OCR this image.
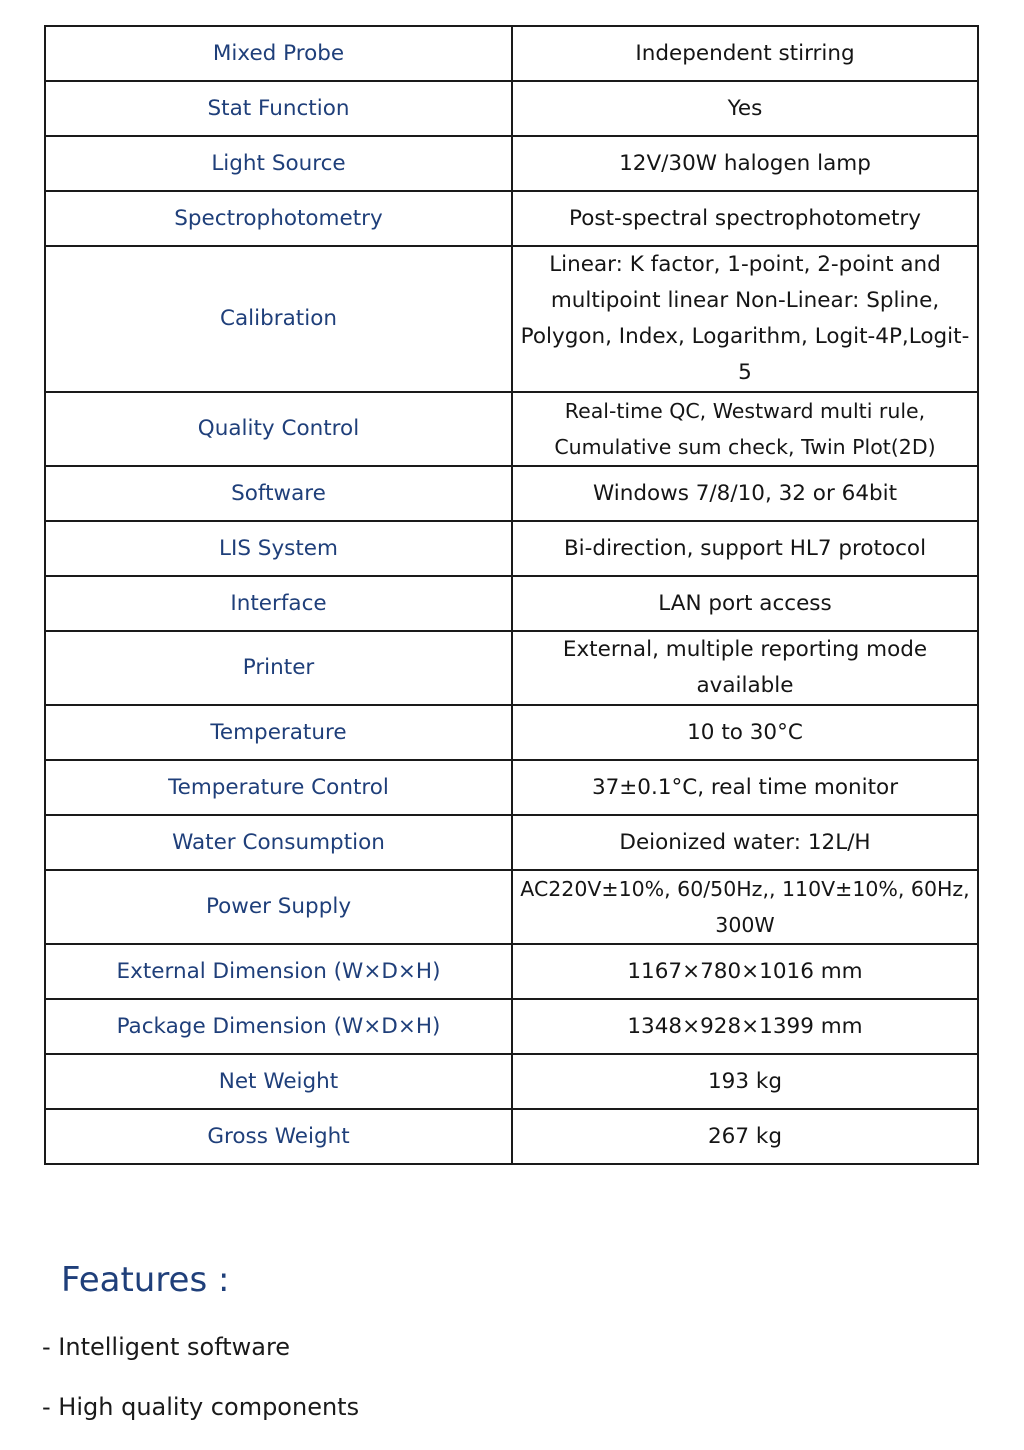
Mixed Probe	Independent stirring
Stat Function	Yes
Light Source	12V/30W halogen lamp
Spectrophotometry	Post-spectral spectrophotometry
Calibration	Linear: K factor, 1-point, 2-point and multipoint linear Non-Linear: Spline, Polygon, Index, Logarithm, Logit-4P,Logit-5
Quality Control	Real-time QC, Westward multi rule, Cumulative sum check, Twin Plot(2D)
Software	Windows 7/8/10, 32 or 64bit
LIS System	Bi-direction, support HL7 protocol
Interface	LAN port access
Printer	External, multiple reporting mode available
Temperature	10 to 30°C
Temperature Control	37±0.1°C, real time monitor
Water Consumption	Deionized water: 12L/H
Power Supply	AC220V±10%, 60/50Hz,, 110V±10%, 60Hz, 300W
External Dimension (W×D×H)	1167×780×1016 mm
Package Dimension (W×D×H)	1348×928×1399 mm
Net Weight	193 kg
Gross Weight	267 kg
Features :
- Intelligent software
- High quality components
